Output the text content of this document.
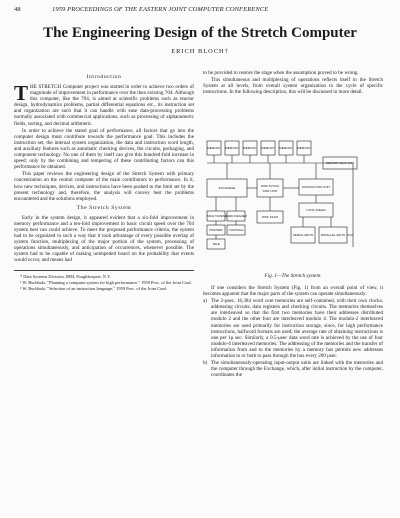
48	1959 PROCEEDINGS OF THE EASTERN JOINT COMPUTER CONFERENCE
The Engineering Design of the Stretch Computer
ERICH BLOCH†
Introduction

THE STRETCH Computer project was started in order to achieve two orders of magnitude of improvement in performance over the then existing 704. Although this computer, like the 704, is aimed at scientific problems such as reactor design, hydrodynamics problems, partial differential equations etc., its instruction set and organization are such that it can handle with ease data-processing problems normally associated with commercial applications, such as processing of alphanumeric fields, sorting, and decimal arithmetic.

In order to achieve the stated goal of performance, all factors that go into the computer design must contribute towards the performance goal. This includes the instruction set, the internal system organization, the data and instruction word length, and auxiliary features such as automatic checking devices, the circuits, packaging, and component technology. No one of them by itself can give this hundred-fold increase in speed; only by the combining and tempering of these contributing factors can this performance be obtained.

This paper reviews the engineering design of the Stretch System with primary concentration on the central computer of the main contributors to performance. In it, how new techniques, devices, and instructions have been pushed to the limit set by the present technology and, therefore, the analysis will convey best the problems encountered and the solutions employed.

The Stretch System

Early in the system design, it appeared evident that a six-fold improvement in memory performance and a ten-fold improvement in basic circuit speed over the 704 system best can could achieve. To meet the proposed performance criteria, the system had to be organized in such a way that it took advantage of every possible overlap of system function, multiplexing of the major portion of the system, processing of operations simultaneously, and anticipation of occurrences, whenever possible. The system had to be capable of making unimpeded board on the probability that events would occur, and means had

* Data Systems Division, IBM, Poughkeepsie, N.Y.
¹ W. Buchholz, "Planning a computer system for high performance," 1959 Proc. of the Joint Conf.
² W. Buchholz, "Selection of an instruction language," 1959 Proc. of the Joint Conf.

to be provided to restore the stage when the assumption proved to be wrong.

This simultaneous and multiplexing of operations reflects itself in the Stretch System at all levels, from overall system organization to the cycle of specific instructions. In the following description, this will be discussed in more detail.

MEMORY MEMORY MEMORY MEMORY MEMORY MEMORY
MEMORY BUS UNIT
EXCHANGE	DISK SYNCH
DISK UNIT
INSTRUCTION UNIT
LOOK AHEAD
SERIAL ARITH	PARALLEL ARITH
MAG TAPES CARD READER
PRINTER CONSOLE
TELE
DISK FILES
Fig. 1—The Stretch system.

If one considers the Stretch System (Fig. 1) from an overall point of view, it becomes apparent that the major parts of the system can operate simultaneously:

a) The 2-μsec, 16,384 word core memories are self-contained, with their own clocks, addressing circuits, data registers and checking circuits. The memories themselves are interleaved so that the first two memories have their addresses distributed modulo 2 and the other four are interleaved modulo 4. The modulo-2 interleaved memories are used primarily for instruction storage, since, for high performance instructions, halfword formats are used; the average rate of obtaining instructions is one per 1μ sec. Similarly, a 0.5-μsec data word rate is achieved by the use of four modulo-4 interleaved memories. The addressing of the memories and the transfer of information from and to the memories by a memory bus permits new addresses information to or both to pass through the bus every 200 μsec.
b) The simultaneously-operating input-output units are linked with the memories and the computer through the Exchange, which, after initial instruction by the computer, coordinates the
